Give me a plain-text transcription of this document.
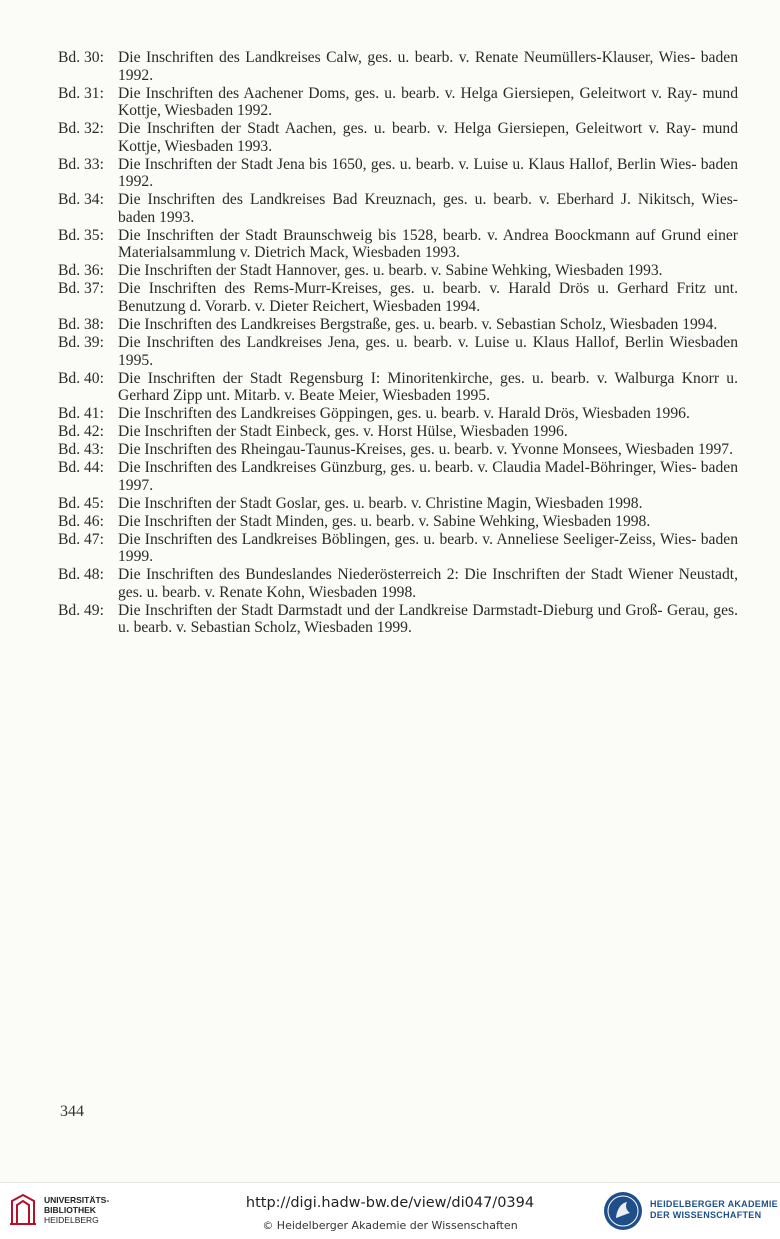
Bd. 30: Die Inschriften des Landkreises Calw, ges. u. bearb. v. Renate Neumüllers-Klauser, Wies- baden 1992.
Bd. 31: Die Inschriften des Aachener Doms, ges. u. bearb. v. Helga Giersiepen, Geleitwort v. Ray- mund Kottje, Wiesbaden 1992.
Bd. 32: Die Inschriften der Stadt Aachen, ges. u. bearb. v. Helga Giersiepen, Geleitwort v. Ray- mund Kottje, Wiesbaden 1993.
Bd. 33: Die Inschriften der Stadt Jena bis 1650, ges. u. bearb. v. Luise u. Klaus Hallof, Berlin Wies- baden 1992.
Bd. 34: Die Inschriften des Landkreises Bad Kreuznach, ges. u. bearb. v. Eberhard J. Nikitsch, Wies- baden 1993.
Bd. 35: Die Inschriften der Stadt Braunschweig bis 1528, bearb. v. Andrea Boockmann auf Grund einer Materialsammlung v. Dietrich Mack, Wiesbaden 1993.
Bd. 36: Die Inschriften der Stadt Hannover, ges. u. bearb. v. Sabine Wehking, Wiesbaden 1993.
Bd. 37: Die Inschriften des Rems-Murr-Kreises, ges. u. bearb. v. Harald Drös u. Gerhard Fritz unt. Benutzung d. Vorarb. v. Dieter Reichert, Wiesbaden 1994.
Bd. 38: Die Inschriften des Landkreises Bergstraße, ges. u. bearb. v. Sebastian Scholz, Wiesbaden 1994.
Bd. 39: Die Inschriften des Landkreises Jena, ges. u. bearb. v. Luise u. Klaus Hallof, Berlin Wiesbaden 1995.
Bd. 40: Die Inschriften der Stadt Regensburg I: Minoritenkirche, ges. u. bearb. v. Walburga Knorr u. Gerhard Zipp unt. Mitarb. v. Beate Meier, Wiesbaden 1995.
Bd. 41: Die Inschriften des Landkreises Göppingen, ges. u. bearb. v. Harald Drös, Wiesbaden 1996.
Bd. 42: Die Inschriften der Stadt Einbeck, ges. v. Horst Hülse, Wiesbaden 1996.
Bd. 43: Die Inschriften des Rheingau-Taunus-Kreises, ges. u. bearb. v. Yvonne Monsees, Wiesbaden 1997.
Bd. 44: Die Inschriften des Landkreises Günzburg, ges. u. bearb. v. Claudia Madel-Böhringer, Wies- baden 1997.
Bd. 45: Die Inschriften der Stadt Goslar, ges. u. bearb. v. Christine Magin, Wiesbaden 1998.
Bd. 46: Die Inschriften der Stadt Minden, ges. u. bearb. v. Sabine Wehking, Wiesbaden 1998.
Bd. 47: Die Inschriften des Landkreises Böblingen, ges. u. bearb. v. Anneliese Seeliger-Zeiss, Wies- baden 1999.
Bd. 48: Die Inschriften des Bundeslandes Niederösterreich 2: Die Inschriften der Stadt Wiener Neustadt, ges. u. bearb. v. Renate Kohn, Wiesbaden 1998.
Bd. 49: Die Inschriften der Stadt Darmstadt und der Landkreise Darmstadt-Dieburg und Groß- Gerau, ges. u. bearb. v. Sebastian Scholz, Wiesbaden 1999.
344
UNIVERSITÄTS-
BIBLIOTHEK
HEIDELBERG
http://digi.hadw-bw.de/view/di047/0394
© Heidelberger Akademie der Wissenschaften
HEIDELBERGER AKADEMIE
DER WISSENSCHAFTEN
